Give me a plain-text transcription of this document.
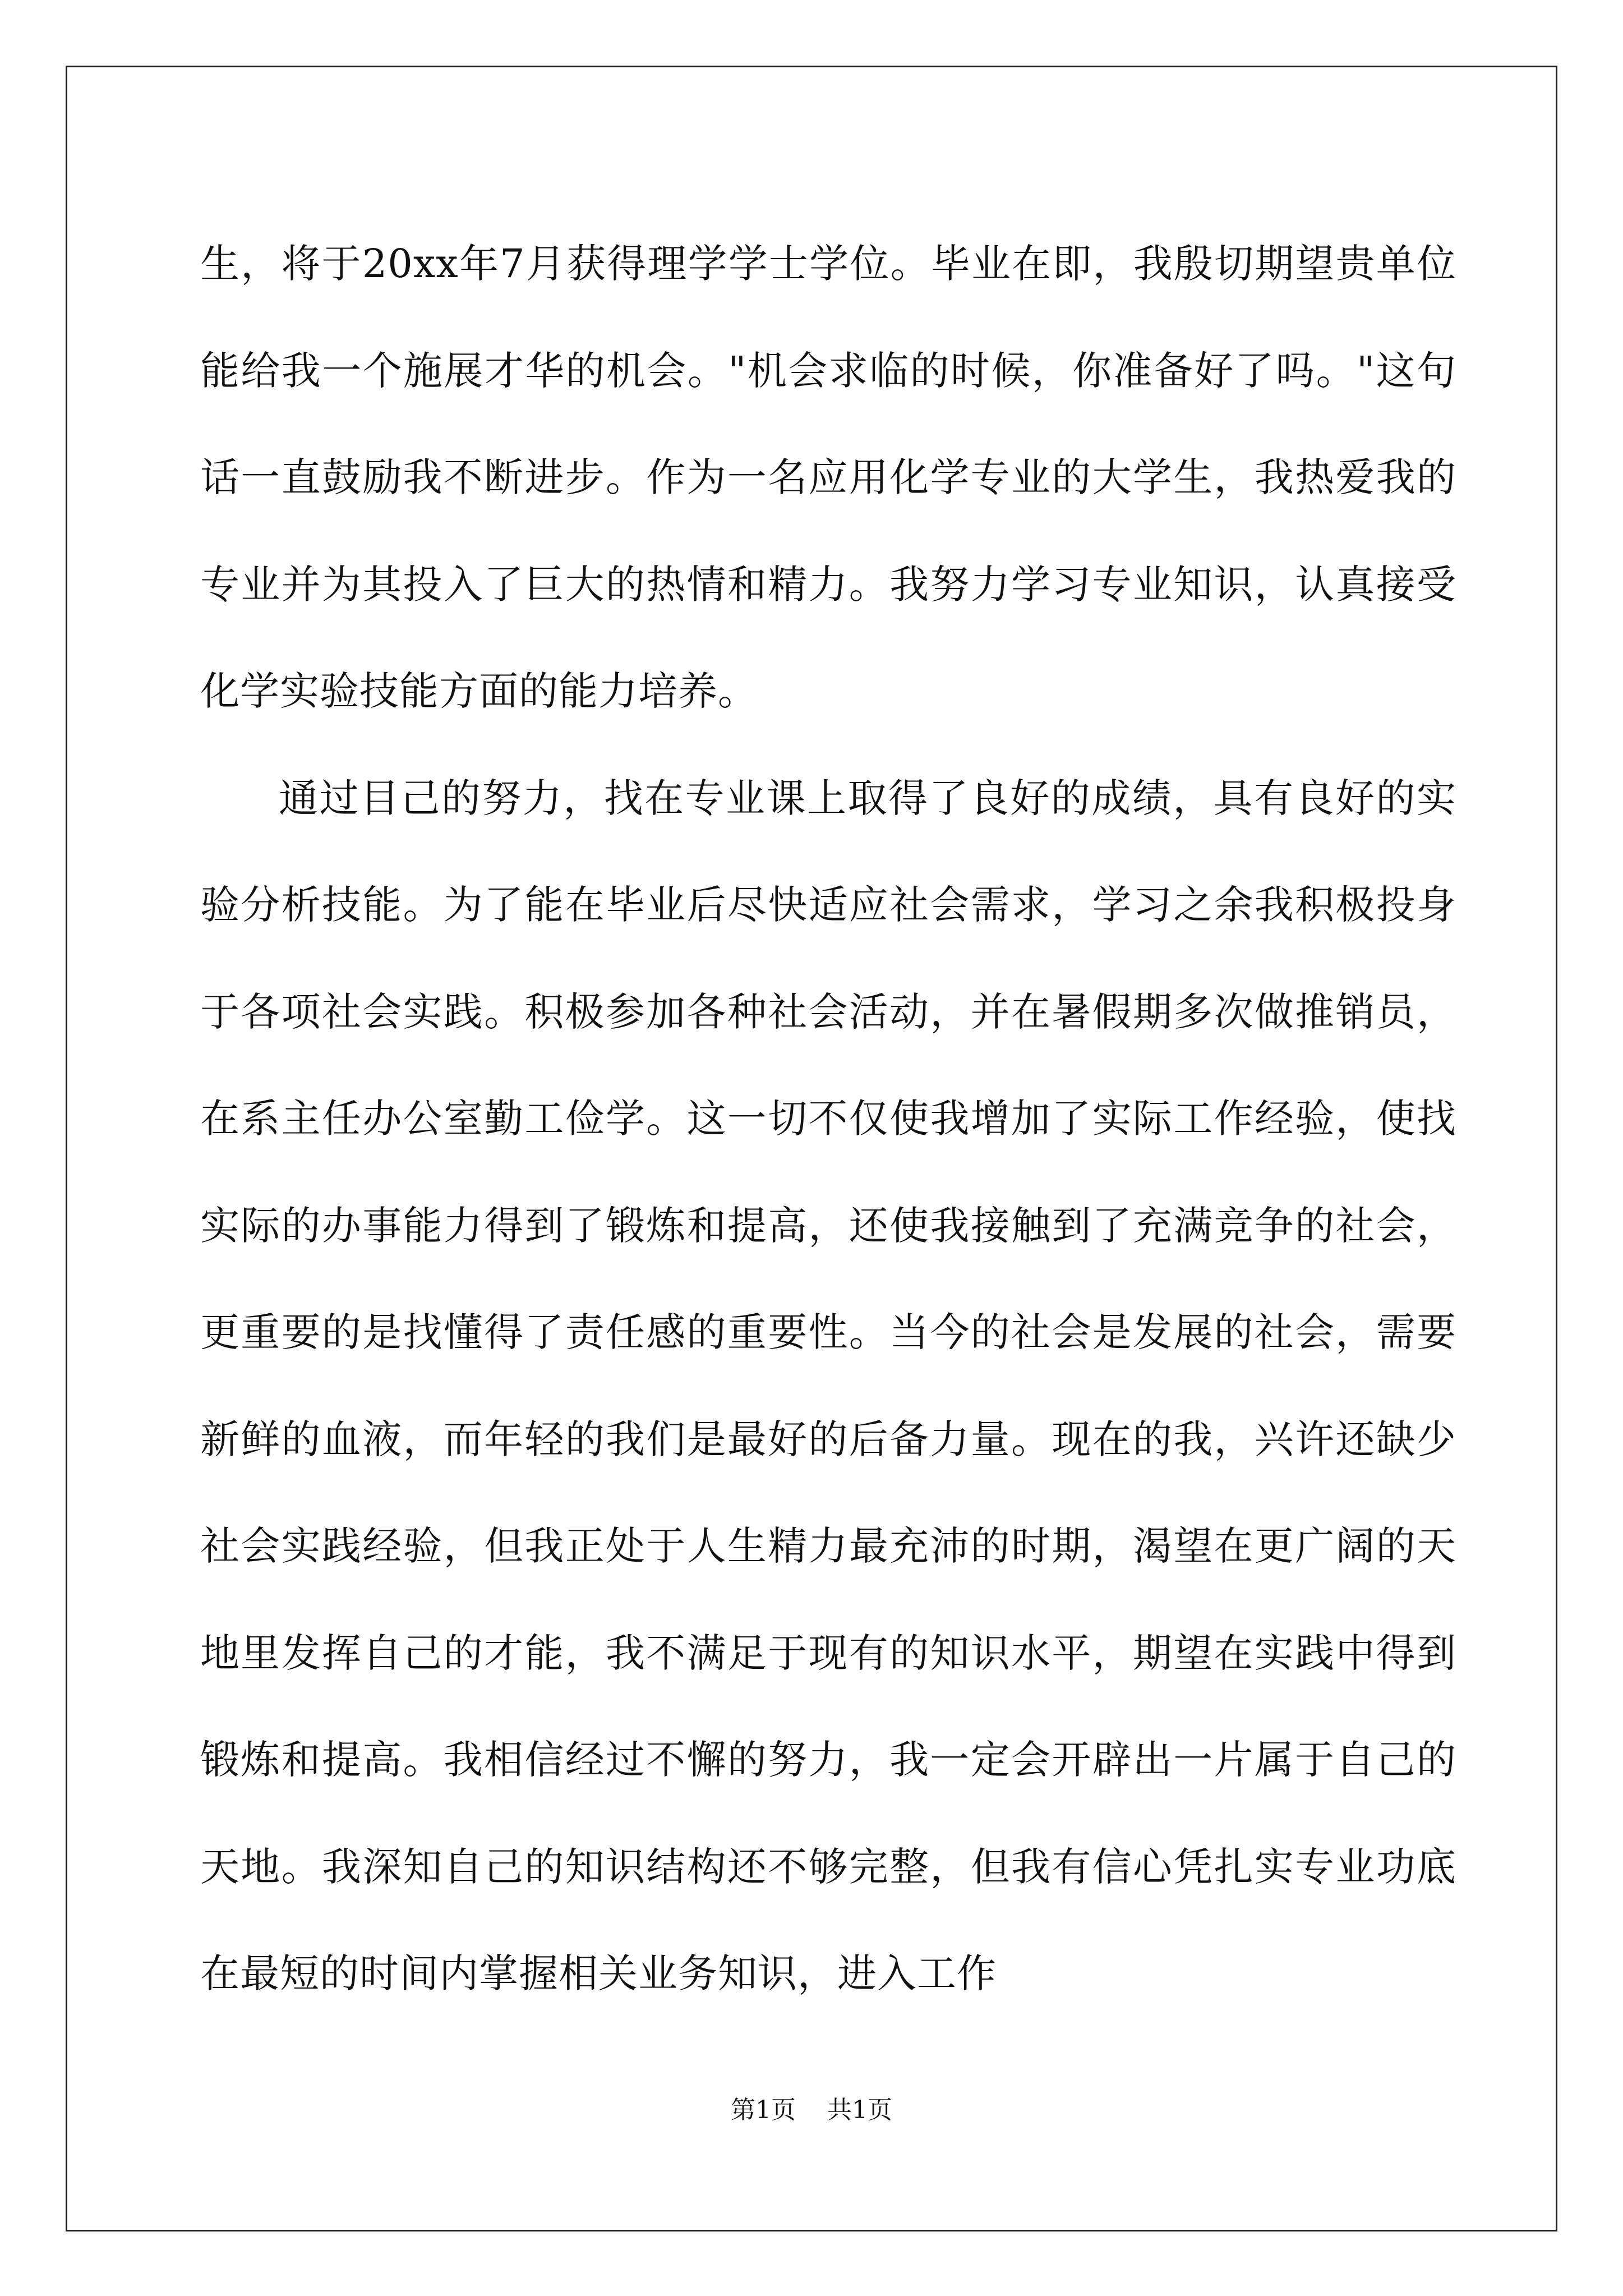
生，将于20xx年7月获得理学学士学位。毕业在即，我殷切期望贵单位能给我一个施展才华的机会。"机会求临的时候，你准备好了吗。"这句话一直鼓励我不断进步。作为一名应用化学专业的大学生，我热爱我的专业并为其投入了巨大的热情和精力。我努力学习专业知识，认真接受化学实验技能方面的能力培养。

通过目己的努力，找在专业课上取得了良好的成绩，具有良好的实验分析技能。为了能在毕业后尽快适应社会需求，学习之余我积极投身于各项社会实践。积极参加各种社会活动，并在暑假期多次做推销员，在系主任办公室勤工俭学。这一切不仅使我增加了实际工作经验，使找实际的办事能力得到了锻炼和提高，还使我接触到了充满竞争的社会，更重要的是找懂得了责任感的重要性。当今的社会是发展的社会，需要新鲜的血液，而年轻的我们是最好的后备力量。现在的我，兴许还缺少社会实践经验，但我正处于人生精力最充沛的时期，渴望在更广阔的天地里发挥自己的才能，我不满足于现有的知识水平，期望在实践中得到锻炼和提高。我相信经过不懈的努力，我一定会开辟出一片属于自己的天地。我深知自己的知识结构还不够完整，但我有信心凭扎实专业功底在最短的时间内掌握相关业务知识，进入工作

第1页 共1页
